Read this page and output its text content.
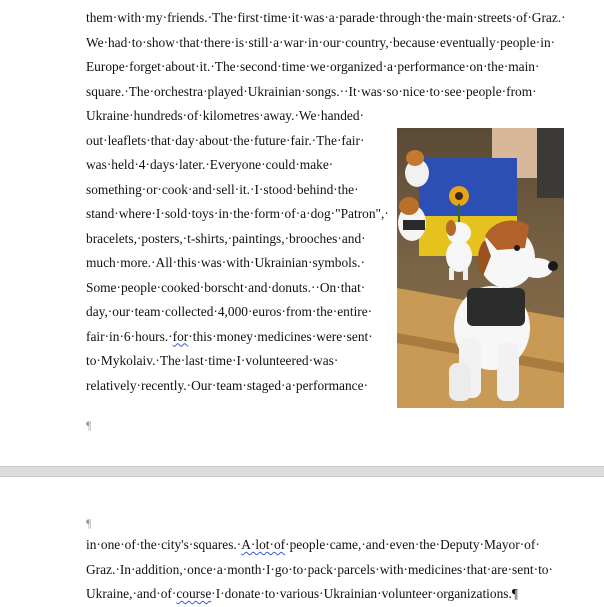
them·with·my·friends.·The·first·time·it·was·a·parade·through·the·main·streets·of·Graz.·
We·had·to·show·that·there·is·still·a·war·in·our·country,·because·eventually·people·in·
Europe·forget·about·it.·The·second·time·we·organized·a·performance·on·the·main·
square.·The·orchestra·played·Ukrainian·songs.··It·was·so·nice·to·see·people·from·
Ukraine·hundreds·of·kilometres·away.·We·handed·
out·leaflets·that·day·about·the·future·fair.·The·fair·
was·held·4·days·later.·Everyone·could·make·
something·or·cook·and·sell·it.·I·stood·behind·the·
stand·where·I·sold·toys·in·the·form·of·a·dog·"Patron",·
bracelets,·posters,·t-shirts,·paintings,·brooches·and·
much·more.·All·this·was·with·Ukrainian·symbols.·
Some·people·cooked·borscht·and·donuts.··On·that·
day,·our·team·collected·4,000·euros·from·the·entire·
fair·in·6·hours.·for·this·money·medicines·were·sent·
to·Mykolaiv.·The·last·time·I·volunteered·was·
relatively·recently.·Our·team·staged·a·performance·
¶
¶
in·one·of·the·city's·squares.·A·lot·of·people·came,·and·even·the·Deputy·Mayor·of·
Graz.·In·addition,·once·a·month·I·go·to·pack·parcels·with·medicines·that·are·sent·to·
Ukraine,·and·of·course·I·donate·to·various·Ukrainian·volunteer·organizations.¶
